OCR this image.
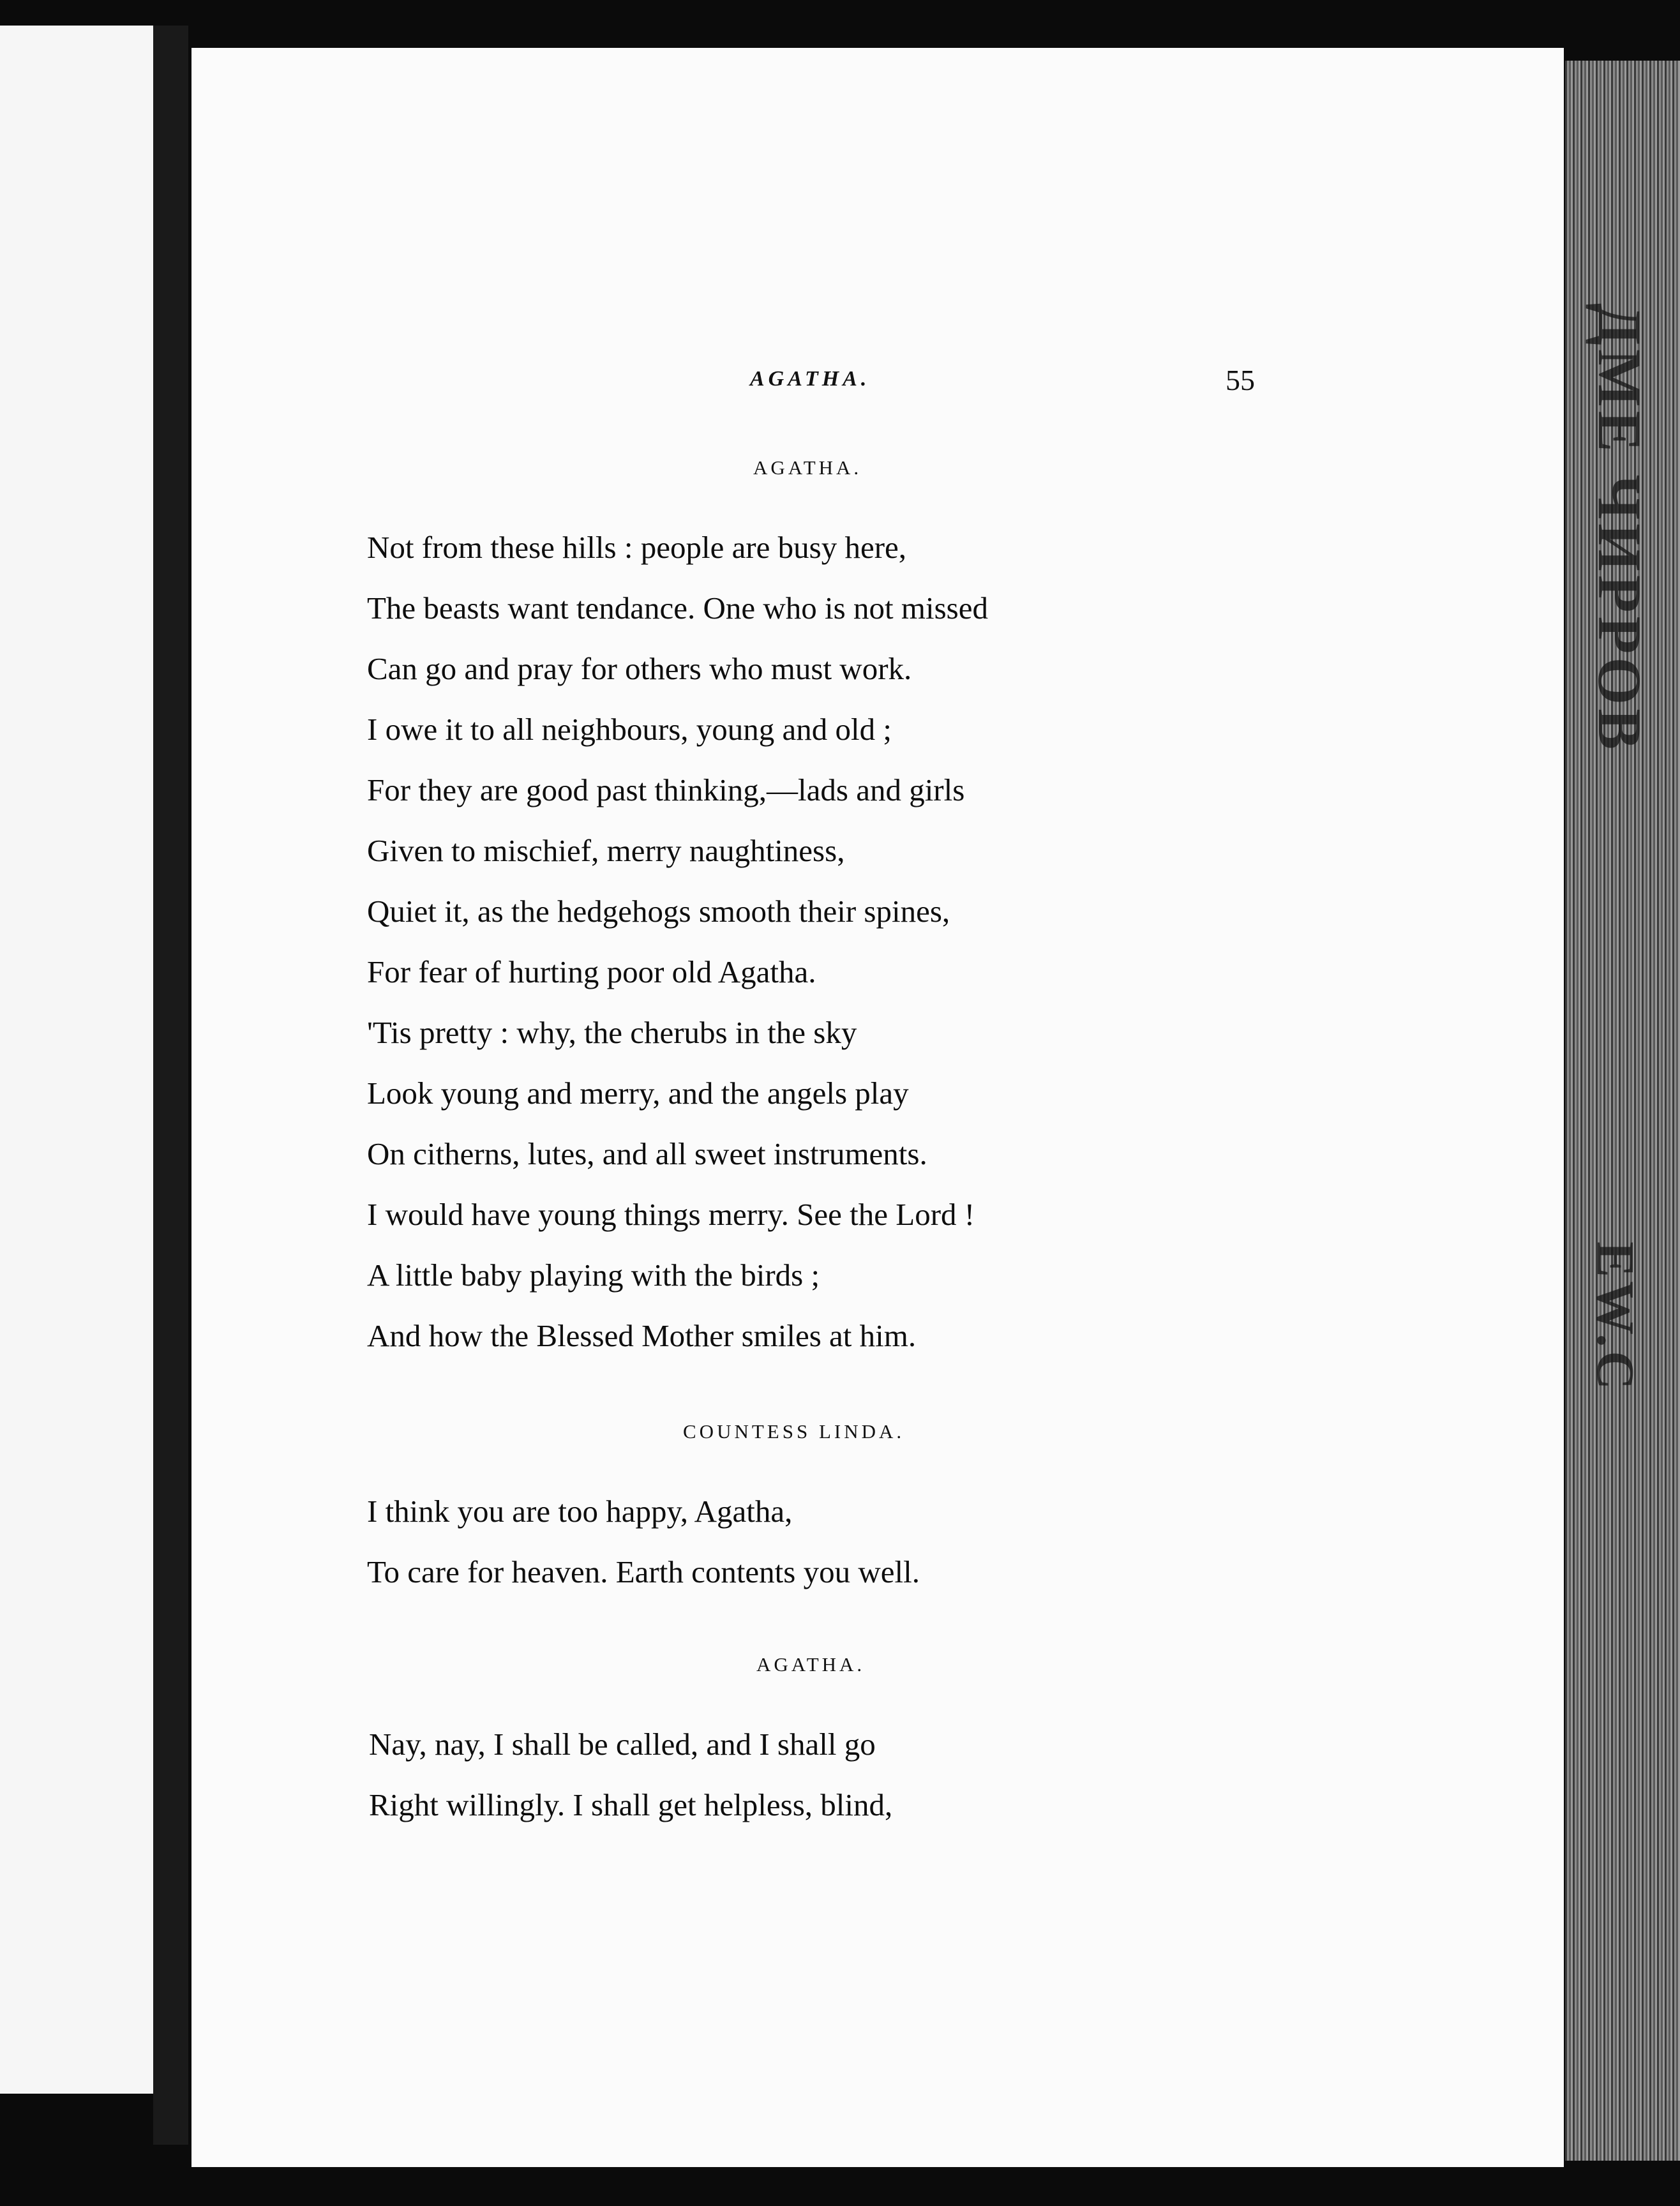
AGATHA.	55
AGATHA.
Not from these hills : people are busy here,
The beasts want tendance. One who is not missed
Can go and pray for others who must work.
I owe it to all neighbours, young and old ;
For they are good past thinking,—lads and girls
Given to mischief, merry naughtiness,
Quiet it, as the hedgehogs smooth their spines,
For fear of hurting poor old Agatha.
'Tis pretty : why, the cherubs in the sky
Look young and merry, and the angels play
On citherns, lutes, and all sweet instruments.
I would have young things merry. See the Lord !
A little baby playing with the birds ;
And how the Blessed Mother smiles at him.
COUNTESS LINDA.
I think you are too happy, Agatha,
To care for heaven. Earth contents you well.
AGATHA.
Nay, nay, I shall be called, and I shall go
Right willingly. I shall get helpless, blind,
ДМЕ ЧИРРОВ
ЕW.С
